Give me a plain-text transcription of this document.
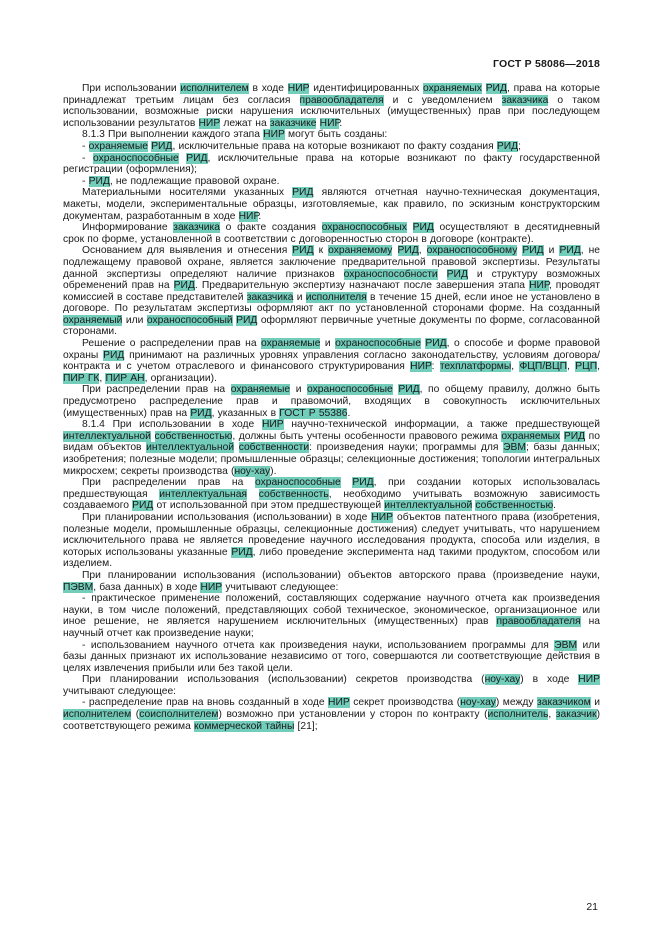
ГОСТ Р 58086—2018

При использовании исполнителем в ходе НИР идентифицированных охраняемых РИД, права на которые принадлежат третьим лицам без согласия правообладателя и с уведомлением заказчика о таком использовании, возможные риски нарушения исключительных (имущественных) прав при последующем использовании результатов НИР лежат на заказчике НИР.

8.1.3 При выполнении каждого этапа НИР могут быть созданы:

- охраняемые РИД, исключительные права на которые возникают по факту создания РИД;

- охраноспособные РИД, исключительные права на которые возникают по факту государственной регистрации (оформления);

- РИД, не подлежащие правовой охране.

Материальными носителями указанных РИД являются отчетная научно-техническая документация, макеты, модели, экспериментальные образцы, изготовляемые, как правило, по эскизным конструкторским документам, разработанным в ходе НИР.

Информирование заказчика о факте создания охраноспособных РИД осуществляют в десятидневный срок по форме, установленной в соответствии с договоренностью сторон в договоре (контракте).

Основанием для выявления и отнесения РИД к охраняемому РИД, охраноспособному РИД и РИД, не подлежащему правовой охране, является заключение предварительной правовой экспертизы. Результаты данной экспертизы определяют наличие признаков охраноспособности РИД и структуру возможных обременений прав на РИД. Предварительную экспертизу назначают после завершения этапа НИР, проводят комиссией в составе представителей заказчика и исполнителя в течение 15 дней, если иное не установлено в договоре. По результатам экспертизы оформляют акт по установленной сторонами форме. На созданный охраняемый или охраноспособный РИД оформляют первичные учетные документы по форме, согласованной сторонами.

Решение о распределении прав на охраняемые и охраноспособные РИД, о способе и форме правовой охраны РИД принимают на различных уровнях управления согласно законодательству, условиям договора/контракта и с учетом отраслевого и финансового структурирования НИР: техплатформы, ФЦП/ВЦП, РЦП, ПИР ГК, ПИР АН, организации).

При распределении прав на охраняемые и охраноспособные РИД, по общему правилу, должно быть предусмотрено распределение прав и правомочий, входящих в совокупность исключительных (имущественных) прав на РИД, указанных в ГОСТ Р 55386.

8.1.4 При использовании в ходе НИР научно-технической информации, а также предшествующей интеллектуальной собственностью, должны быть учтены особенности правового режима охраняемых РИД по видам объектов интеллектуальной собственности: произведения науки; программы для ЭВМ; базы данных; изобретения; полезные модели; промышленные образцы; селекционные достижения; топологии интегральных микросхем; секреты производства (ноу-хау).

При распределении прав на охраноспособные РИД, при создании которых использовалась предшествующая интеллектуальная собственность, необходимо учитывать возможную зависимость создаваемого РИД от использованной при этом предшествующей интеллектуальной собственностью.

При планировании использования (использовании) в ходе НИР объектов патентного права (изобретения, полезные модели, промышленные образцы, селекционные достижения) следует учитывать, что нарушением исключительного права не является проведение научного исследования продукта, способа или изделия, в которых использованы указанные РИД, либо проведение эксперимента над такими продуктом, способом или изделием.

При планировании использования (использовании) объектов авторского права (произведение науки, ПЭВМ, база данных) в ходе НИР учитывают следующее:

- практическое применение положений, составляющих содержание научного отчета как произведения науки, в том числе положений, представляющих собой техническое, экономическое, организационное или иное решение, не является нарушением исключительных (имущественных) прав правообладателя на научный отчет как произведение науки;

- использованием научного отчета как произведения науки, использованием программы для ЭВМ или базы данных признают их использование независимо от того, совершаются ли соответствующие действия в целях извлечения прибыли или без такой цели.

При планировании использования (использовании) секретов производства (ноу-хау) в ходе НИР учитывают следующее:

- распределение прав на вновь созданный в ходе НИР секрет производства (ноу-хау) между заказчиком и исполнителем (соисполнителем) возможно при установлении у сторон по контракту (исполнитель, заказчик) соответствующего режима коммерческой тайны [21];

21
